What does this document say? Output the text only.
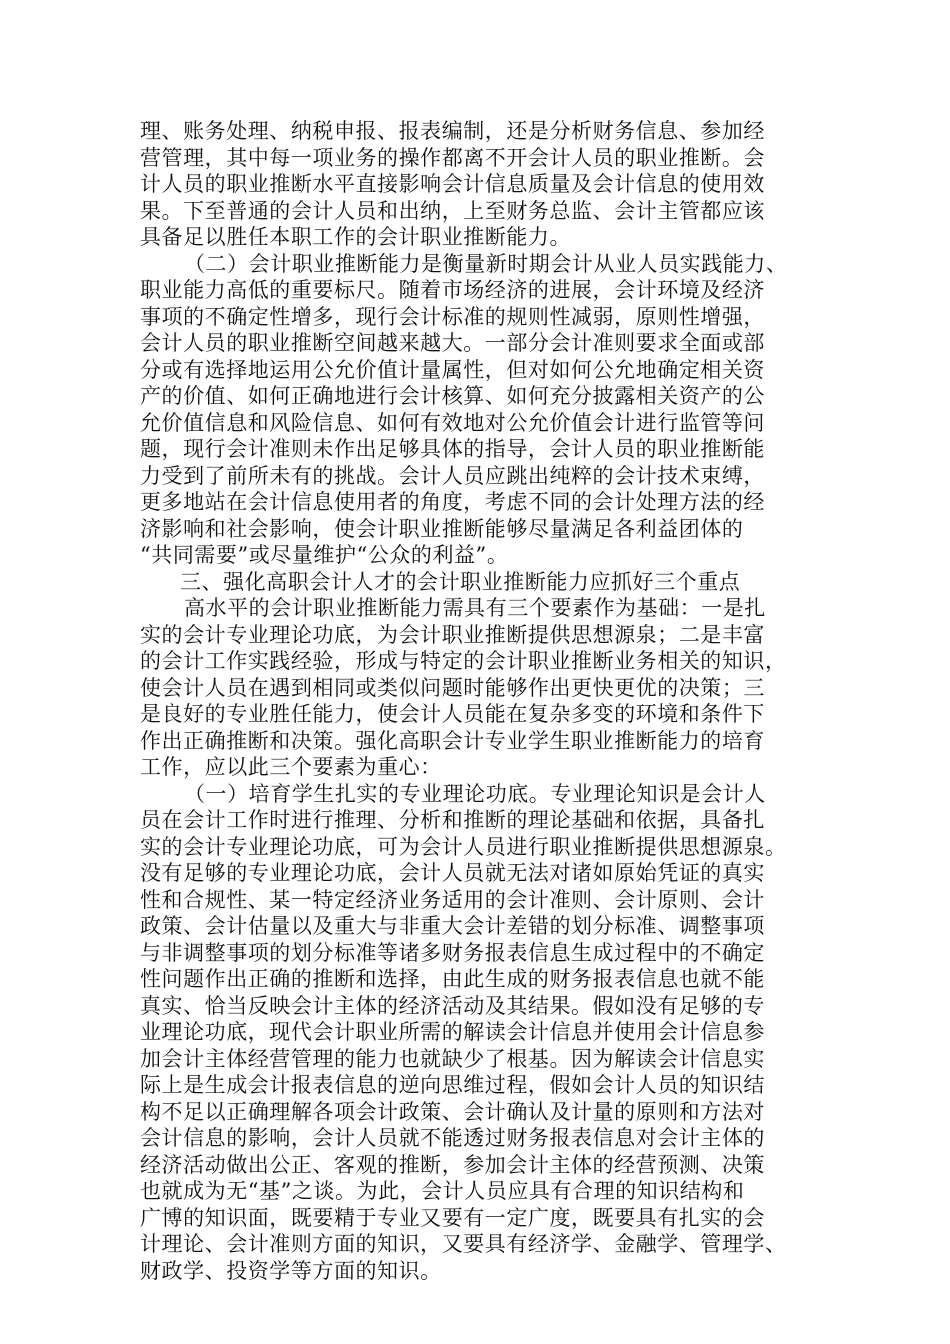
理、账务处理、纳税申报、报表编制，还是分析财务信息、参加经
营管理，其中每一项业务的操作都离不开会计人员的职业推断。会
计人员的职业推断水平直接影响会计信息质量及会计信息的使用效
果。下至普通的会计人员和出纳，上至财务总监、会计主管都应该
具备足以胜任本职工作的会计职业推断能力。
（二）会计职业推断能力是衡量新时期会计从业人员实践能力、
职业能力高低的重要标尺。随着市场经济的进展，会计环境及经济
事项的不确定性增多，现行会计标准的规则性减弱，原则性增强，
会计人员的职业推断空间越来越大。一部分会计准则要求全面或部
分或有选择地运用公允价值计量属性，但对如何公允地确定相关资
产的价值、如何正确地进行会计核算、如何充分披露相关资产的公
允价值信息和风险信息、如何有效地对公允价值会计进行监管等问
题，现行会计准则未作出足够具体的指导，会计人员的职业推断能
力受到了前所未有的挑战。会计人员应跳出纯粹的会计技术束缚，
更多地站在会计信息使用者的角度，考虑不同的会计处理方法的经
济影响和社会影响，使会计职业推断能够尽量满足各利益团体的
“共同需要”或尽量维护“公众的利益”。
三、强化高职会计人才的会计职业推断能力应抓好三个重点
高水平的会计职业推断能力需具有三个要素作为基础：一是扎
实的会计专业理论功底，为会计职业推断提供思想源泉；二是丰富
的会计工作实践经验，形成与特定的会计职业推断业务相关的知识，
使会计人员在遇到相同或类似问题时能够作出更快更优的决策；三
是良好的专业胜任能力，使会计人员能在复杂多变的环境和条件下
作出正确推断和决策。强化高职会计专业学生职业推断能力的培育
工作，应以此三个要素为重心：
（一）培育学生扎实的专业理论功底。专业理论知识是会计人
员在会计工作时进行推理、分析和推断的理论基础和依据，具备扎
实的会计专业理论功底，可为会计人员进行职业推断提供思想源泉。
没有足够的专业理论功底，会计人员就无法对诸如原始凭证的真实
性和合规性、某一特定经济业务适用的会计准则、会计原则、会计
政策、会计估量以及重大与非重大会计差错的划分标准、调整事项
与非调整事项的划分标准等诸多财务报表信息生成过程中的不确定
性问题作出正确的推断和选择，由此生成的财务报表信息也就不能
真实、恰当反映会计主体的经济活动及其结果。假如没有足够的专
业理论功底，现代会计职业所需的解读会计信息并使用会计信息参
加会计主体经营管理的能力也就缺少了根基。因为解读会计信息实
际上是生成会计报表信息的逆向思维过程，假如会计人员的知识结
构不足以正确理解各项会计政策、会计确认及计量的原则和方法对
会计信息的影响，会计人员就不能透过财务报表信息对会计主体的
经济活动做出公正、客观的推断，参加会计主体的经营预测、决策
也就成为无“基”之谈。为此，会计人员应具有合理的知识结构和
广博的知识面，既要精于专业又要有一定广度，既要具有扎实的会
计理论、会计准则方面的知识，又要具有经济学、金融学、管理学、
财政学、投资学等方面的知识。
